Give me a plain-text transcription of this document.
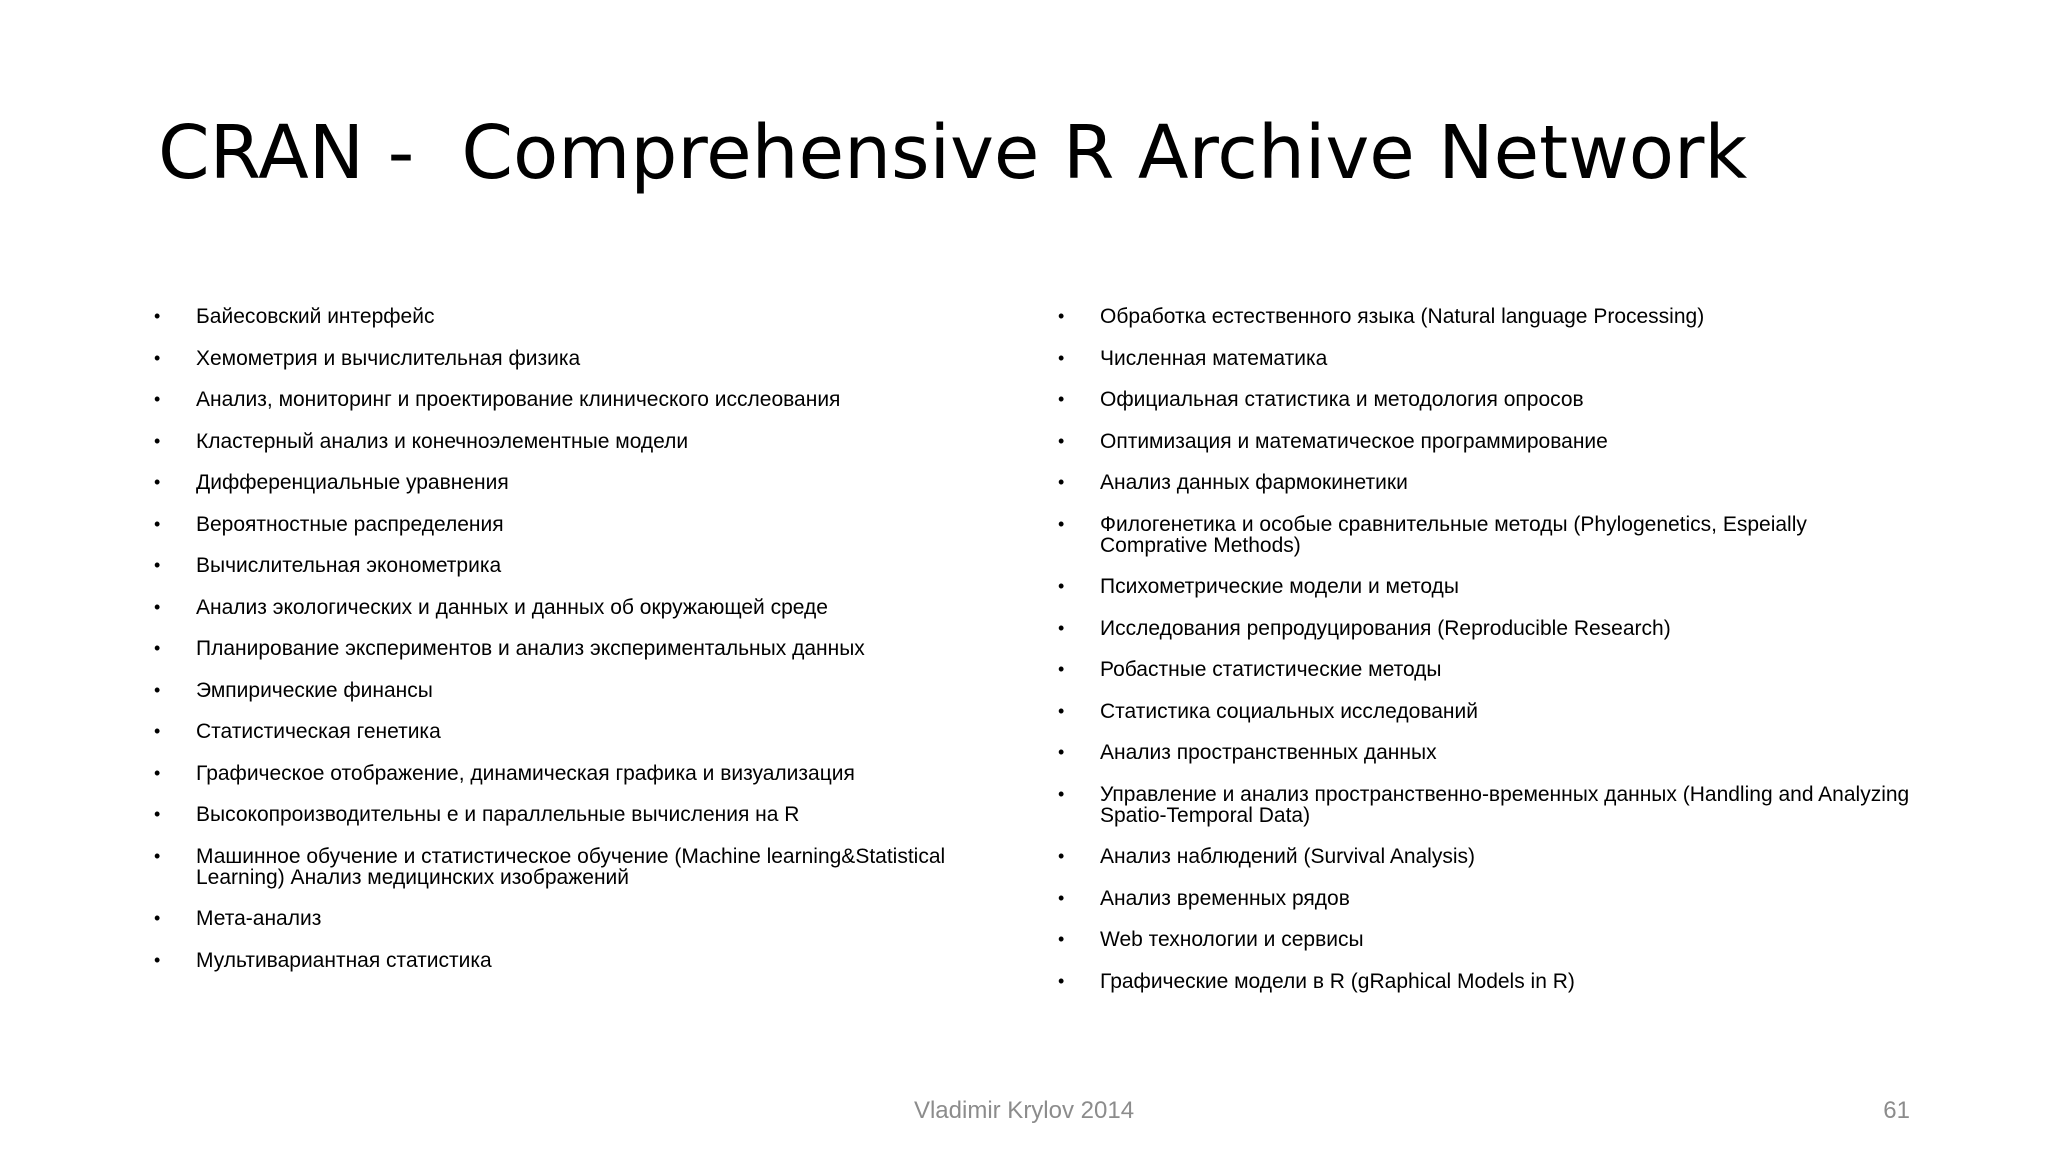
CRAN -  Comprehensive R Archive Network
• Байесовский интерфейс
• Хемометрия и вычислительная физика
• Анализ, мониторинг и проектирование клинического исслеования
• Кластерный анализ и конечноэлементные модели
• Дифференциальные уравнения
• Вероятностные распределения
• Вычислительная эконометрика
• Анализ экологических и данных и данных об окружающей среде
• Планирование экспериментов и анализ экспериментальных данных
• Эмпирические финансы
• Статистическая генетика
• Графическое отображение, динамическая графика и визуализация
• Высокопроизводительны е и параллельные вычисления на R
• Машинное обучение и статистическое обучение (Machine learning&Statistical Learning) Анализ медицинских изображений
• Мета-анализ
• Мультивариантная статистика
• Обработка естественного языка (Natural language Processing)
• Численная математика
• Официальная статистика и методология опросов
• Оптимизация и математическое программирование
• Анализ данных фармокинетики
• Филогенетика и особые сравнительные методы (Phylogenetics, Espeially Comprative Methods)
• Психометрические модели и методы
• Исследования репродуцирования (Reproducible Research)
• Робастные статистические методы
• Статистика социальных исследований
• Анализ пространственных данных
• Управление и анализ пространственно-временных данных (Handling and Analyzing Spatio-Temporal Data)
• Анализ наблюдений (Survival Analysis)
• Анализ временных рядов
• Web технологии и сервисы
• Графические модели в R (gRaphical Models in R)

Vladimir Krylov 2014	61
